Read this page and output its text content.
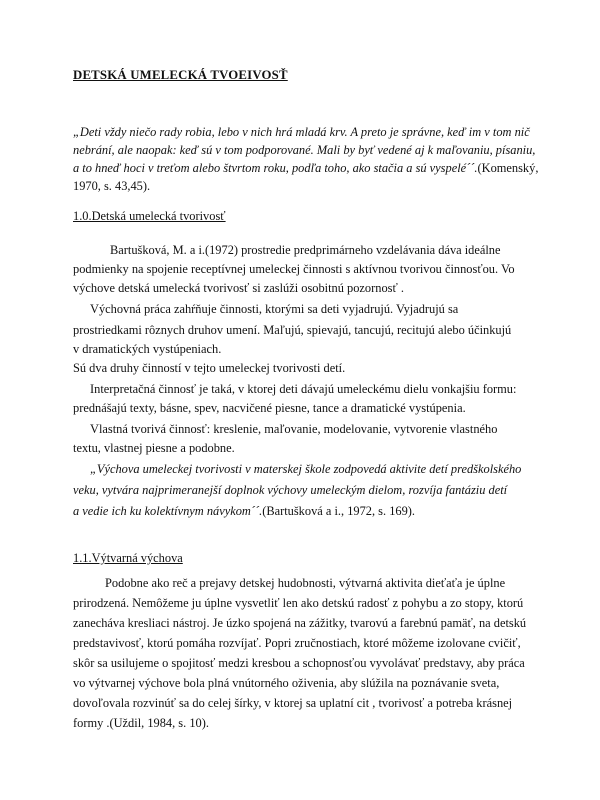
DETSKÁ UMELECKÁ TVOEIVOSŤ
„Deti vždy niečo rady robia, lebo v nich hrá mladá krv. A preto je správne, keď im v tom nič
nebrání, ale naopak: keď sú v tom podporované. Mali by byť vedené aj k maľovaniu, písaniu,
a to hneď hoci v treťom alebo štvrtom roku, podľa toho, ako stačia a sú vyspelé´´.(Komenský,
1970, s. 43,45).
1.0.Detská umelecká tvorivosť
Bartušková, M. a i.(1972) prostredie predprimárneho vzdelávania dáva ideálne
podmienky na spojenie receptívnej umeleckej činnosti s aktívnou tvorivou činnosťou. Vo
výchove detská umelecká tvorivosť si zaslúži osobitnú pozornosť .
Výchovná práca zahŕňuje činnosti, ktorými sa deti vyjadrujú. Vyjadrujú sa
prostriedkami rôznych druhov umení. Maľujú, spievajú, tancujú, recitujú alebo účinkujú
v dramatických vystúpeniach.
Sú dva druhy činností v tejto umeleckej tvorivosti detí.
Interpretačná činnosť je taká, v ktorej deti dávajú umeleckému dielu vonkajšiu formu:
prednášajú texty, básne, spev, nacvičené piesne, tance a dramatické vystúpenia.
Vlastná tvorivá činnosť: kreslenie, maľovanie, modelovanie, vytvorenie vlastného
textu, vlastnej piesne a podobne.
„Výchova umeleckej tvorivosti v materskej škole zodpovedá aktivite detí predškolského
veku, vytvára najprimeranejší doplnok výchovy umeleckým dielom, rozvíja fantáziu detí
a vedie ich ku kolektívnym návykom´´.(Bartušková a i., 1972, s. 169).
1.1.Výtvarná výchova
Podobne ako reč a prejavy detskej hudobnosti, výtvarná aktivita dieťaťa je úplne
prirodzená. Nemôžeme ju úplne vysvetliť len ako detskú radosť z pohybu a zo stopy, ktorú
zanecháva kresliaci nástroj. Je úzko spojená na zážitky, tvarovú a farebnú pamäť, na detskú
predstavivosť, ktorú pomáha rozvíjať. Popri zručnostiach, ktoré môžeme izolovane cvičiť,
skôr sa usilujeme o spojitosť medzi kresbou a schopnosťou vyvolávať predstavy, aby práca
vo výtvarnej výchove bola plná vnútorného oživenia, aby slúžila na poznávanie sveta,
dovoľovala rozvinúť sa do celej šírky, v ktorej sa uplatní cit , tvorivosť a potreba krásnej
formy .(Uždil, 1984, s. 10).
